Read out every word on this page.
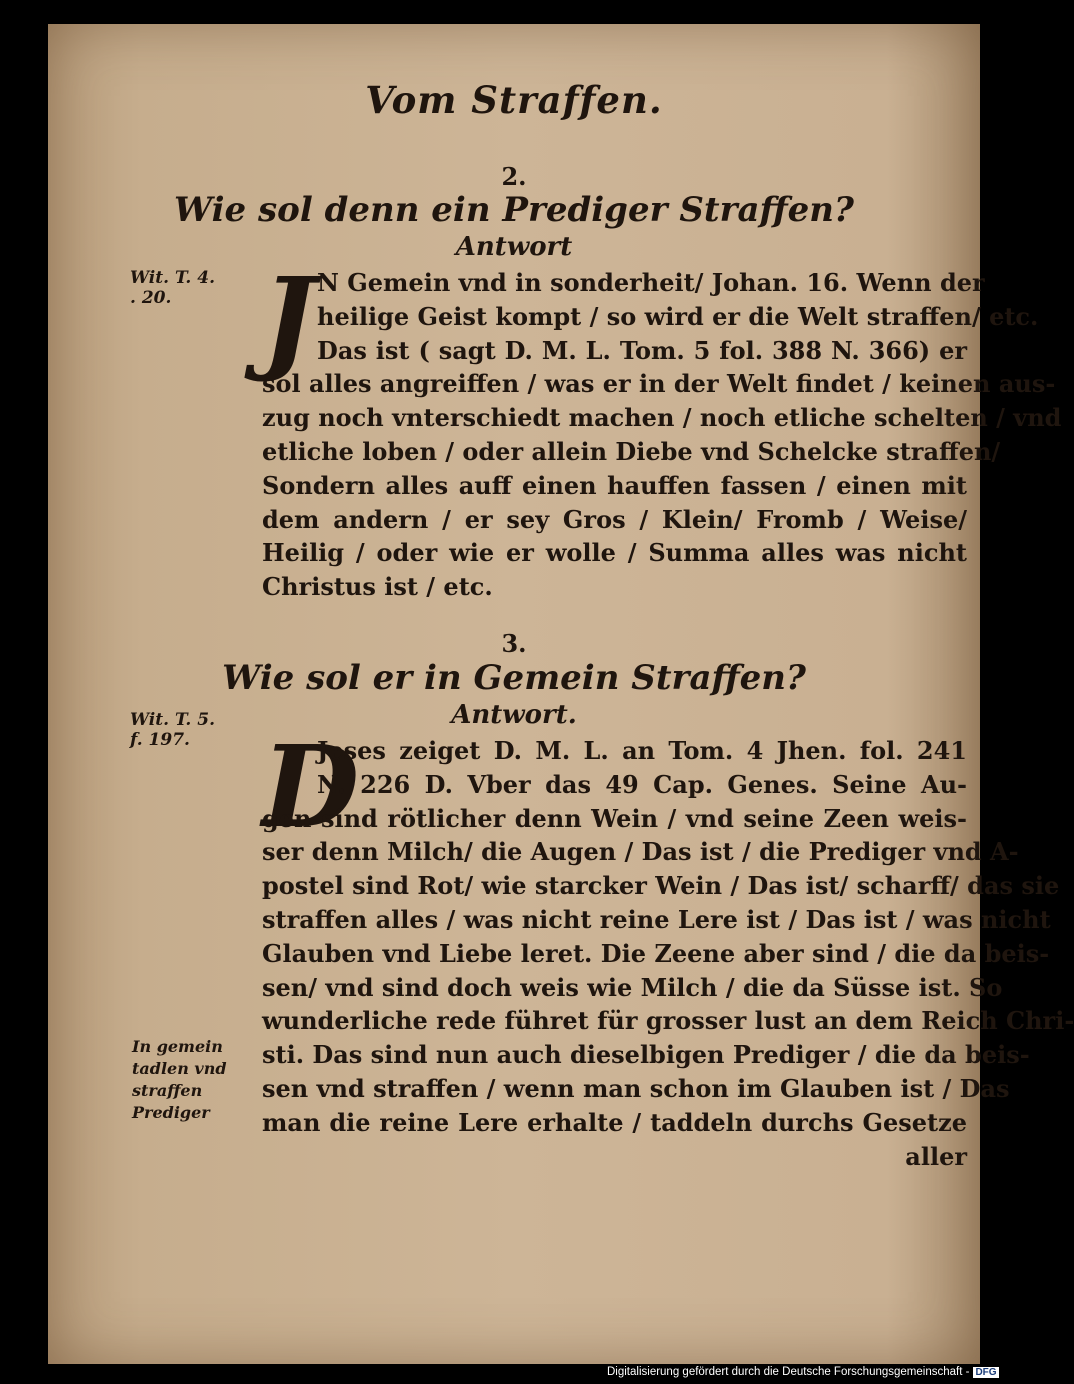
Vom Straffen.
2.
Wie sol denn ein Prediger Straffen?
Antwort
Wit. T. 4.
. 20. J N Gemein vnd in sonderheit/ Johan. 16. Wenn der
heilige Geist kompt / so wird er die Welt straffen/ etc.
Das ist ( sagt D. M. L. Tom. 5 fol. 388 N. 366) er
sol alles angreiffen / was er in der Welt findet / keinen aus-
zug noch vnterschiedt machen / noch etliche schelten / vnd
etliche loben / oder allein Diebe vnd Schelcke straffen/
Sondern alles auff einen hauffen fassen / einen mit
dem andern / er sey Gros / Klein/ Fromb / Weise/
Heilig / oder wie er wolle / Summa alles was nicht
Christus ist / etc.
3.
Wie sol er in Gemein Straffen?
Antwort.
Wit. T. 5.
f. 197. D
Jeses zeiget D. M. L. an Tom. 4 Jhen. fol. 241
N. 226 D. Vber das 49 Cap. Genes. Seine Au-
gen sind rötlicher denn Wein / vnd seine Zeen weis-
ser denn Milch/ die Augen / Das ist / die Prediger vnd A-
postel sind Rot/ wie starcker Wein / Das ist/ scharff/ das sie
straffen alles / was nicht reine Lere ist / Das ist / was nicht
Glauben vnd Liebe leret. Die Zeene aber sind / die da beis-
sen/ vnd sind doch weis wie Milch / die da Süsse ist. So
wunderliche rede führet für grosser lust an dem Reich Chri-
sti. Das sind nun auch dieselbigen Prediger / die da beis-
sen vnd straffen / wenn man schon im Glauben ist / Das
man die reine Lere erhalte / taddeln durchs Gesetze
aller
In gemein
tadlen vnd
straffen
Prediger
Digitalisierung gefördert durch die Deutsche Forschungsgemeinschaft - DFG
